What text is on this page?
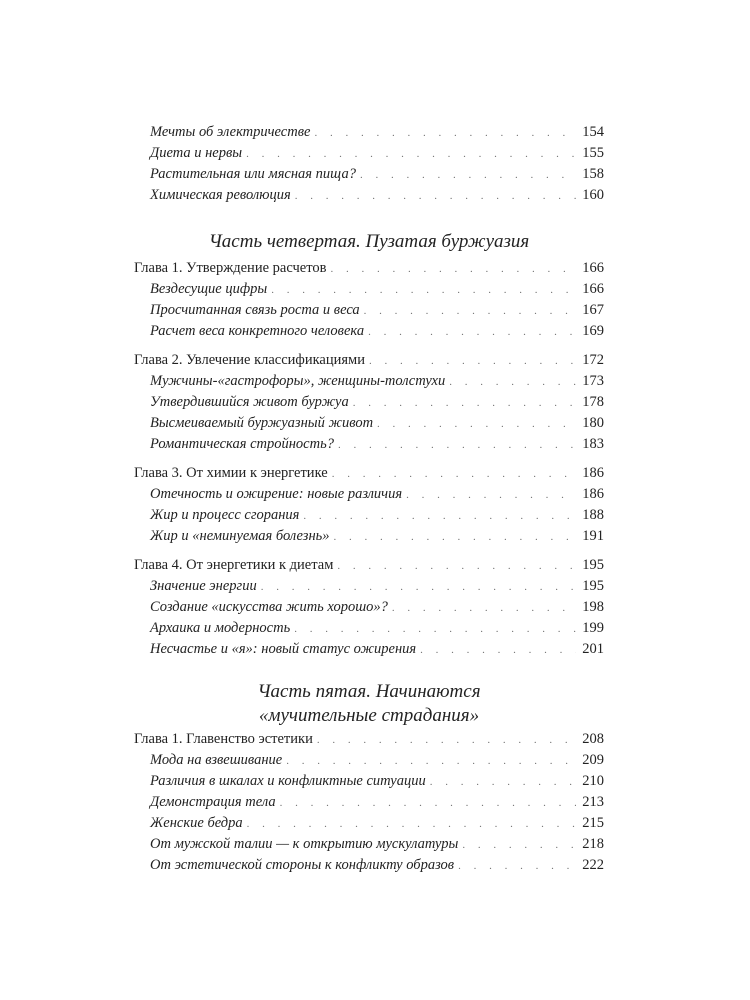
Мечты об электричестве . . .	154
Диета и нервы . . .	155
Растительная или мясная пища? . . .	158
Химическая революция . . .	160
Часть четвертая. Пузатая буржуазия
Глава 1. Утверждение расчетов . . .	166
Вездесущие цифры . . .	166
Просчитанная связь роста и веса . . .	167
Расчет веса конкретного человека . . .	169
Глава 2. Увлечение классификациями . . .	172
Мужчины-«гастрофоры», женщины-толстухи . . .	173
Утвердившийся живот буржуа . . .	178
Высмеиваемый буржуазный живот . . .	180
Романтическая стройность? . . .	183
Глава 3. От химии к энергетике . . .	186
Отечность и ожирение: новые различия . . .	186
Жир и процесс сгорания . . .	188
Жир и «неминуемая болезнь» . . .	191
Глава 4. От энергетики к диетам . . .	195
Значение энергии . . .	195
Создание «искусства жить хорошо»? . . .	198
Архаика и модерность . . .	199
Несчастье и «я»: новый статус ожирения . . .	201
Часть пятая. Начинаются
«мучительные страдания»
Глава 1. Главенство эстетики . . .	208
Мода на взвешивание . . .	209
Различия в шкалах и конфликтные ситуации . . .	210
Демонстрация тела . . .	213
Женские бедра . . .	215
От мужской талии — к открытию мускулатуры . . .	218
От эстетической стороны к конфликту образов . . .	222
